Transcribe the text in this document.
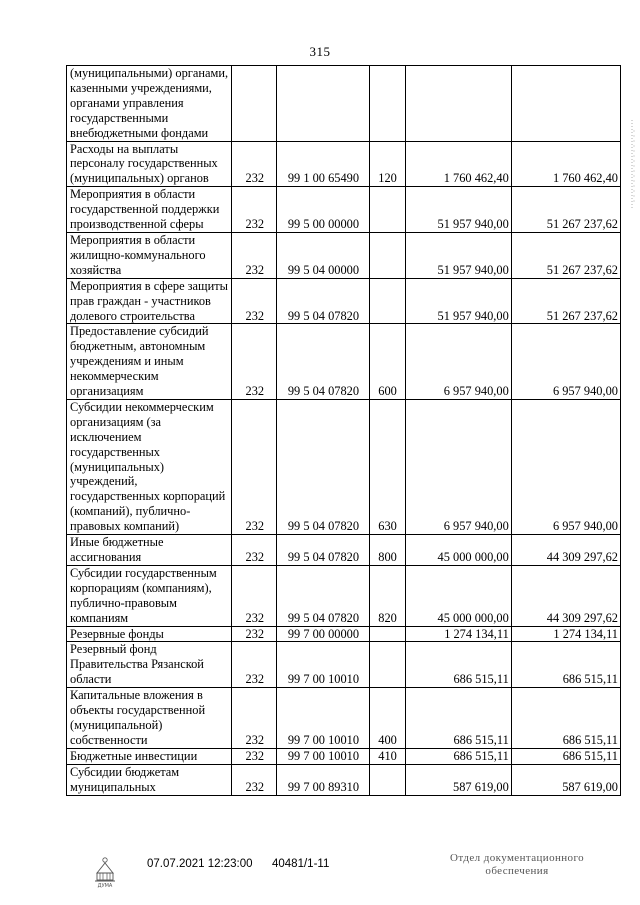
315
(муниципальными) органами, казенными учреждениями, органами управления государственными внебюджетными фондами					
Расходы на выплаты персоналу государственных (муниципальных) органов	232	99 1 00 65490	120	1 760 462,40	1 760 462,40
Мероприятия в области государственной поддержки производственной сферы	232	99 5 00 00000		51 957 940,00	51 267 237,62
Мероприятия в области жилищно-коммунального хозяйства	232	99 5 04 00000		51 957 940,00	51 267 237,62
Мероприятия в сфере защиты прав граждан - участников долевого строительства	232	99 5 04 07820		51 957 940,00	51 267 237,62
Предоставление субсидий бюджетным, автономным учреждениям и иным некоммерческим организациям	232	99 5 04 07820	600	6 957 940,00	6 957 940,00
Субсидии некоммерческим организациям (за исключением государственных (муниципальных) учреждений, государственных корпораций (компаний), публично-правовых компаний)	232	99 5 04 07820	630	6 957 940,00	6 957 940,00
Иные бюджетные ассигнования	232	99 5 04 07820	800	45 000 000,00	44 309 297,62
Субсидии государственным корпорациям (компаниям), публично-правовым компаниям	232	99 5 04 07820	820	45 000 000,00	44 309 297,62
Резервные фонды	232	99 7 00 00000		1 274 134,11	1 274 134,11
Резервный фонд Правительства Рязанской области	232	99 7 00 10010		686 515,11	686 515,11
Капитальные вложения в объекты государственной (муниципальной) собственности	232	99 7 00 10010	400	686 515,11	686 515,11
Бюджетные инвестиции	232	99 7 00 10010	410	686 515,11	686 515,11
Субсидии бюджетам муниципальных	232	99 7 00 89310		587 619,00	587 619,00
ДУМА
07.07.2021 12:23:00 40481/1-11	Отдел документационного
обеспечения
